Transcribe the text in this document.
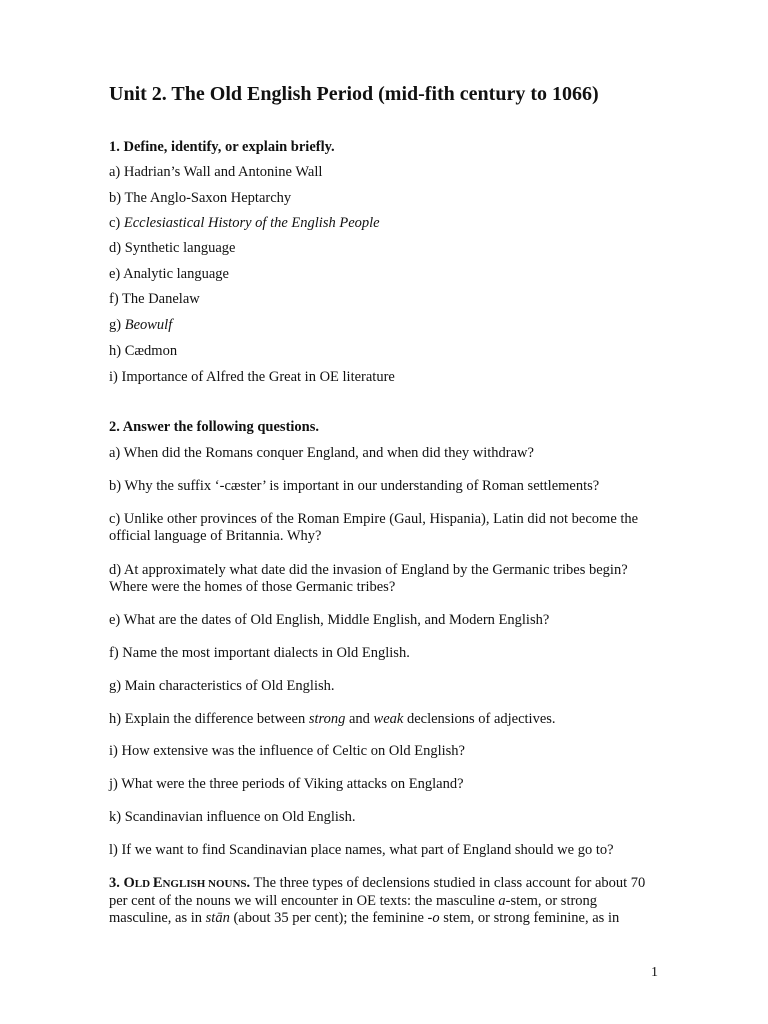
Unit 2. The Old English Period (mid-fith century to 1066)
1. Define, identify, or explain briefly.
a) Hadrian’s Wall and Antonine Wall
b) The Anglo-Saxon Heptarchy
c) Ecclesiastical History of the English People
d) Synthetic language
e) Analytic language
f) The Danelaw
g) Beowulf
h) Cædmon
i) Importance of Alfred the Great in OE literature
2. Answer the following questions.
a) When did the Romans conquer England, and when did they withdraw?
b) Why the suffix ‘-cæster’ is important in our understanding of Roman settlements?
c) Unlike other provinces of the Roman Empire (Gaul, Hispania), Latin did not become the official language of Britannia. Why?
d) At approximately what date did the invasion of England by the Germanic tribes begin? Where were the homes of those Germanic tribes?
e) What are the dates of Old English, Middle English, and Modern English?
f) Name the most important dialects in Old English.
g) Main characteristics of Old English.
h) Explain the difference between strong and weak declensions of adjectives.
i) How extensive was the influence of Celtic on Old English?
j) What were the three periods of Viking attacks on England?
k) Scandinavian influence on Old English.
l) If we want to find Scandinavian place names, what part of England should we go to?
3. OLD ENGLISH NOUNS. The three types of declensions studied in class account for about 70 per cent of the nouns we will encounter in OE texts: the masculine a-stem, or strong masculine, as in stān (about 35 per cent); the feminine -o stem, or strong feminine, as in
1
